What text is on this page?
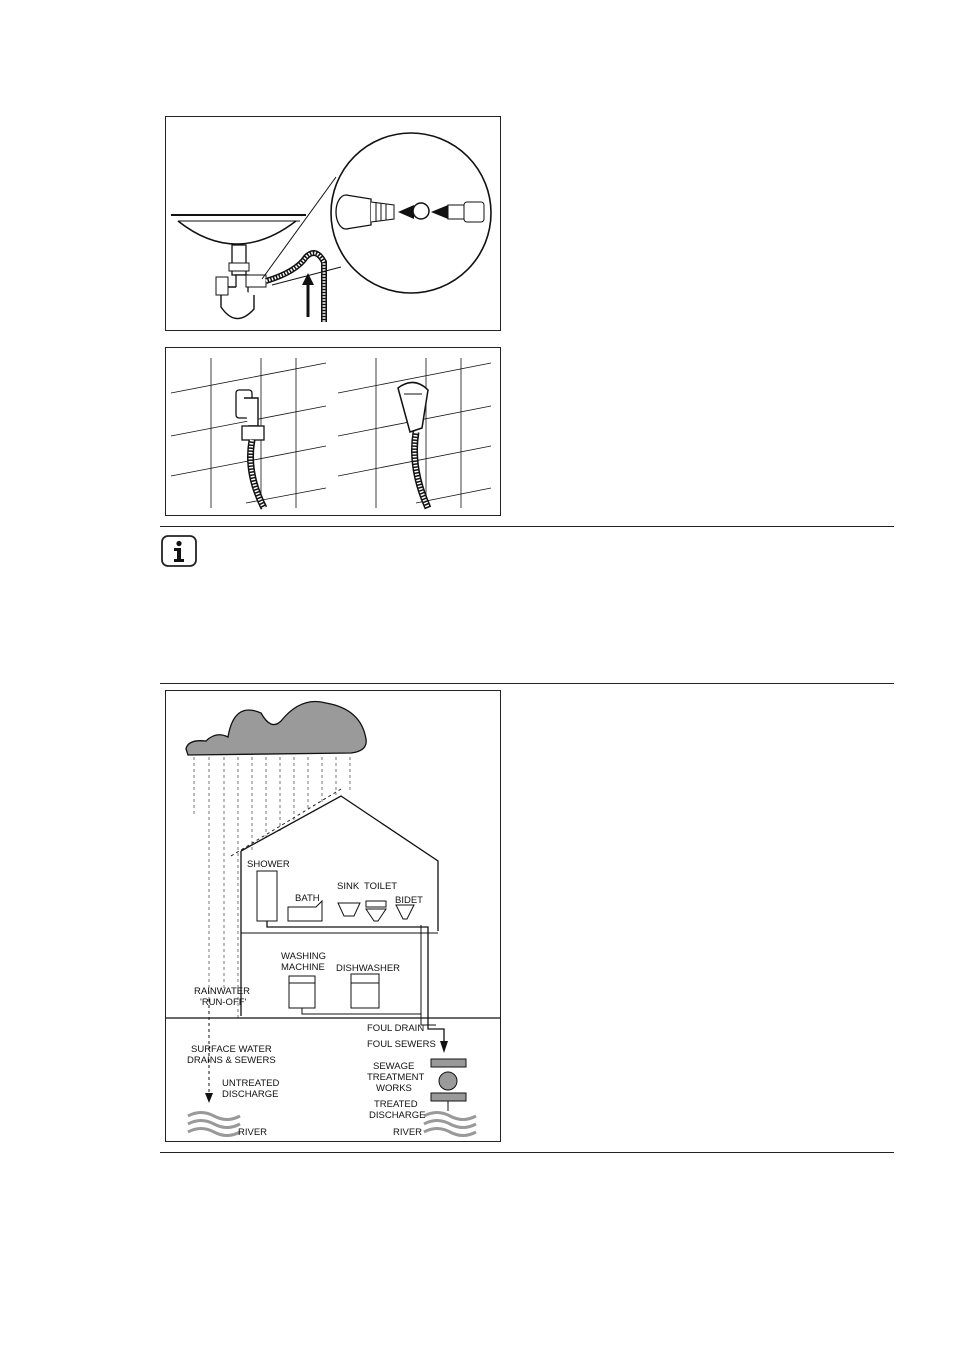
SHOWER
BATH
SINK TOILET
BIDET
WASHING
MACHINE DISHWASHER
RAINWATER
'RUN-OFF'
FOUL DRAIN
FOUL SEWERS
SURFACE WATER
DRAINS & SEWERS
SEWAGE
TREATMENT
WORKS
UNTREATED
DISCHARGE
TREATED
DISCHARGE
RIVER	RIVER
